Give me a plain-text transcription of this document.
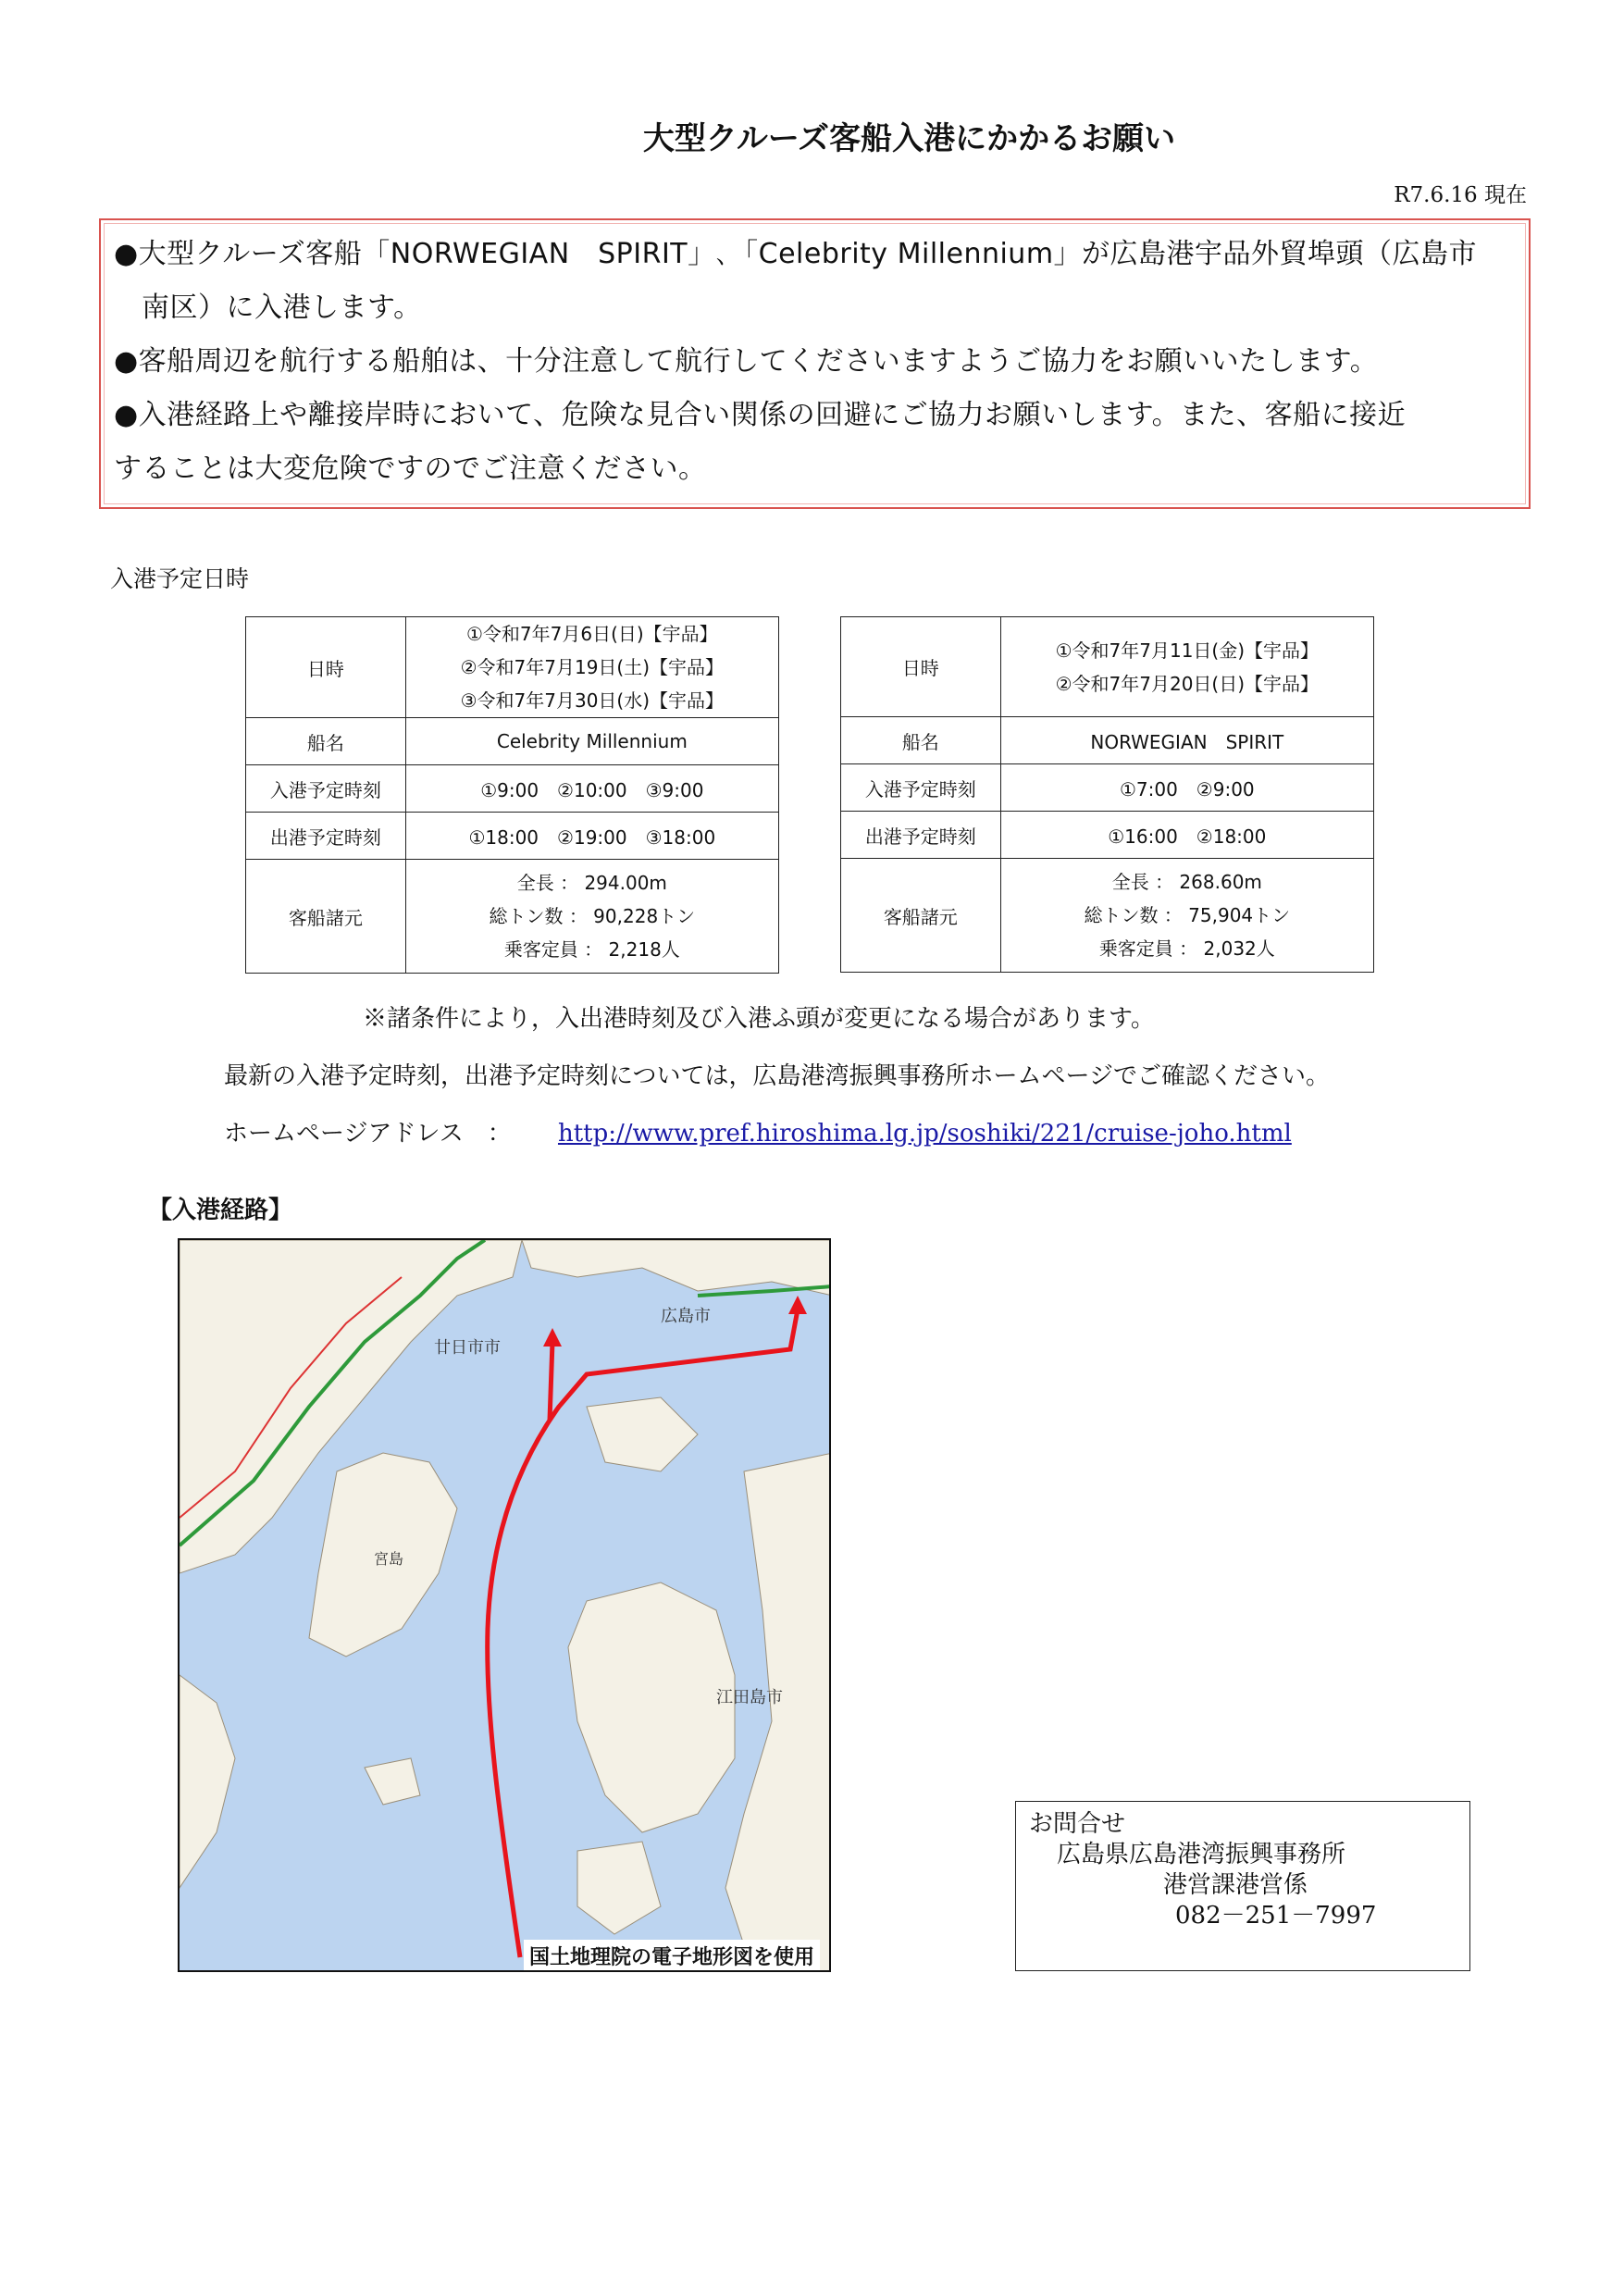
大型クルーズ客船入港にかかるお願い
R7.6.16 現在

●大型クルーズ客船「NORWEGIAN　SPIRIT」､「Celebrity Millennium」が広島港宇品外貿埠頭（広島市

南区）に入港します。

●客船周辺を航行する船舶は、十分注意して航行してくださいますようご協力をお願いいたします。

●入港経路上や離接岸時において、危険な見合い関係の回避にご協力お願いします。また、客船に接近

することは大変危険ですのでご注意ください。

入港予定日時
日時	①令和7年7月6日(日)【宇品】
②令和7年7月19日(土)【宇品】
③令和7年7月30日(水)【宇品】

船名	Celebrity Millennium
入港予定時刻	①9:00　②10:00　③9:00
出港予定時刻	①18:00　②19:00　③18:00
客船諸元	全長 ： 294.00m
総トン数 ： 90,228トン
乗客定員 ： 2,218人
日時	①令和7年7月11日(金)【宇品】
②令和7年7月20日(日)【宇品】

船名	NORWEGIAN　SPIRIT
入港予定時刻	①7:00　②9:00
出港予定時刻	①16:00　②18:00
客船諸元	全長 ： 268.60m
総トン数 ： 75,904トン
乗客定員 ： 2,032人
※諸条件により，入出港時刻及び入港ふ頭が変更になる場合があります。
最新の入港予定時刻，出港予定時刻については，広島港湾振興事務所ホームページでご確認ください。
ホームページアドレス　： http://www.pref.hiroshima.lg.jp/soshiki/221/cruise-joho.html
【入港経路】
広島市
廿日市市
江田島市
宮島
国土地理院の電子地形図を使用
お問合せ
広島県広島港湾振興事務所
港営課港営係
082－251－7997
